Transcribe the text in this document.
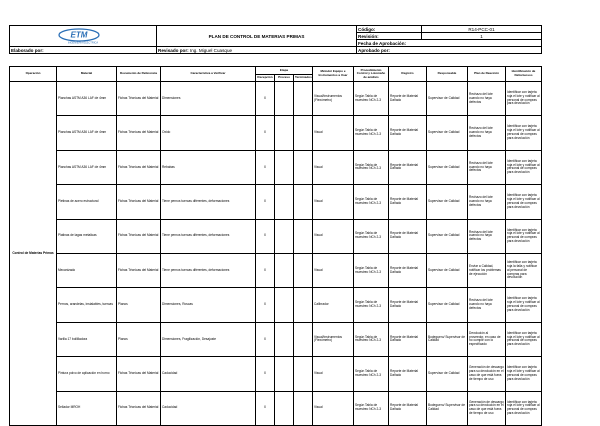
ETM
INGENIERIA ELECTRICA	PLAN DE CONTROL DE MATERIAS PRIMAS	Código:	R14-PCC-01
		Revisión:	1
		Fecha de Aprobación:	
Elaborado por:	Revisado por: Ing. Miguel Cuasque	Aprobado por:	
Operación	Material	Documento de Referencia	Característica a Verificar	Etapa			Método/ Equipo e Instrumentos a Usar	Procedimiento Control y Lotomaño de análisis	Registro	Responsable	Plan de Reacción	Identificación de Defectuosos
				Recepción	Proceso	Terminados						
Control de Materias Primas	Planchas ASTM A36 LAF de 4mm	Fichas Técnicas del Material	Dimensiones	X			Visual/Instrumentos (Flexómetro)	Según Tabla de muestreo NCh 2-3	Reporte de Material Dañado	Supervisor de Calidad	Rechazo del lote cuando no haya defectos	Identificar con tarjeta roja el lote y notificar al personal de compras para devolución
	Planchas ASTM A36 LAF de 4mm	Fichas Técnicas del Material	Oxido	X			Visual	Según Tabla de muestreo NCh 2-3	Reporte de Material Dañado	Supervisor de Calidad	Rechazo del lote cuando no haya defectos	Identificar con tarjeta roja el lote y notificar al personal de compras para devolución
	Planchas ASTM A36 LAF de 4mm	Fichas Técnicas del Material	Rebabas	X			Visual	Según Tabla de muestreo NCh 2-3	Reporte de Material Dañado	Supervisor de Calidad	Rechazo del lote cuando no haya defectos	Identificar con tarjeta roja el lote y notificar al personal de compras para devolución
	Pletinas de acero estructural	Fichas Técnicas del Material	Tiene pernos tuercas diferentes, deformaciones	X			Visual	Según Tabla de muestreo NCh 2-3	Reporte de Material Dañado	Supervisor de Calidad	Rechazo del lote cuando no haya defectos	Identificar con tarjeta roja el lote y notificar al personal de compras para devolución
	Platinas de lagas metalicas	Fichas Técnicas del Material	Tiene pernos tuercas diferentes, deformaciones	X			Visual	Según Tabla de muestreo NCh 2-3	Reporte de Material Dañado	Supervisor de Calidad	Rechazo del lote cuando no haya defectos	Identificar con tarjeta roja el lote y notificar al personal de compras para devolución
	Mecanizado	Fichas Técnicas del Material	Tiene pernos tuercas diferentes, deformaciones	X			Visual	Según Tabla de muestreo NCh 2-3	Reporte de Material Dañado	Supervisor de Calidad	Enviar a Calidad, notificar los problemas de ejecución	Identificar con tarjeta roja la falla y notificar al personal de compras para devolución
	Pernos, arandelas, instalables, tuercas	Planos	Dimensiones, Roscas	X			Calibrador	Según Tabla de muestreo NCh 2-3	Reporte de Material Dañado	Supervisor de Calidad	Rechazo del lote cuando no haya defectos	Identificar con tarjeta roja el lote y notificar al personal de compras para devolución
	Varilla 17 bollilladora	Planos	Dimensiones, Fragilización, Desajuste	X			Visual/Instrumentos (Flexómetro)	Según Tabla de muestreo NCh 2-3	Reporte de Material Dañado	Bodeguero/ Supervisor de Calidad	Devolución al proveedor, en caso de no cumplir con lo especificado	Identificar con tarjeta roja el lote y notificar al personal de compras para devolución
	Pintura polvo de aplicación en horno	Fichas Técnicas del Material	Caducidad	X			Visual	Según Tabla de muestreo NCh 2-3	Reporte de Material Dañado	Supervisor de Calidad	Generación de descargo para su devolución en el caso de que está fuera de tiempo de uso	Identificar con tarjeta roja el lote y notificar al personal de compras para devolución
	Sellador MROH	Fichas Técnicas del Material	Caducidad	X			Visual	Según Tabla de muestreo NCh 2-3	Reporte de Material Dañado	Bodeguero/ Supervisor de Calidad	Generación de descargo para su devolución en el caso de que está fuera de tiempo de uso	Identificar con tarjeta roja el lote y notificar al personal de compras para devolución
